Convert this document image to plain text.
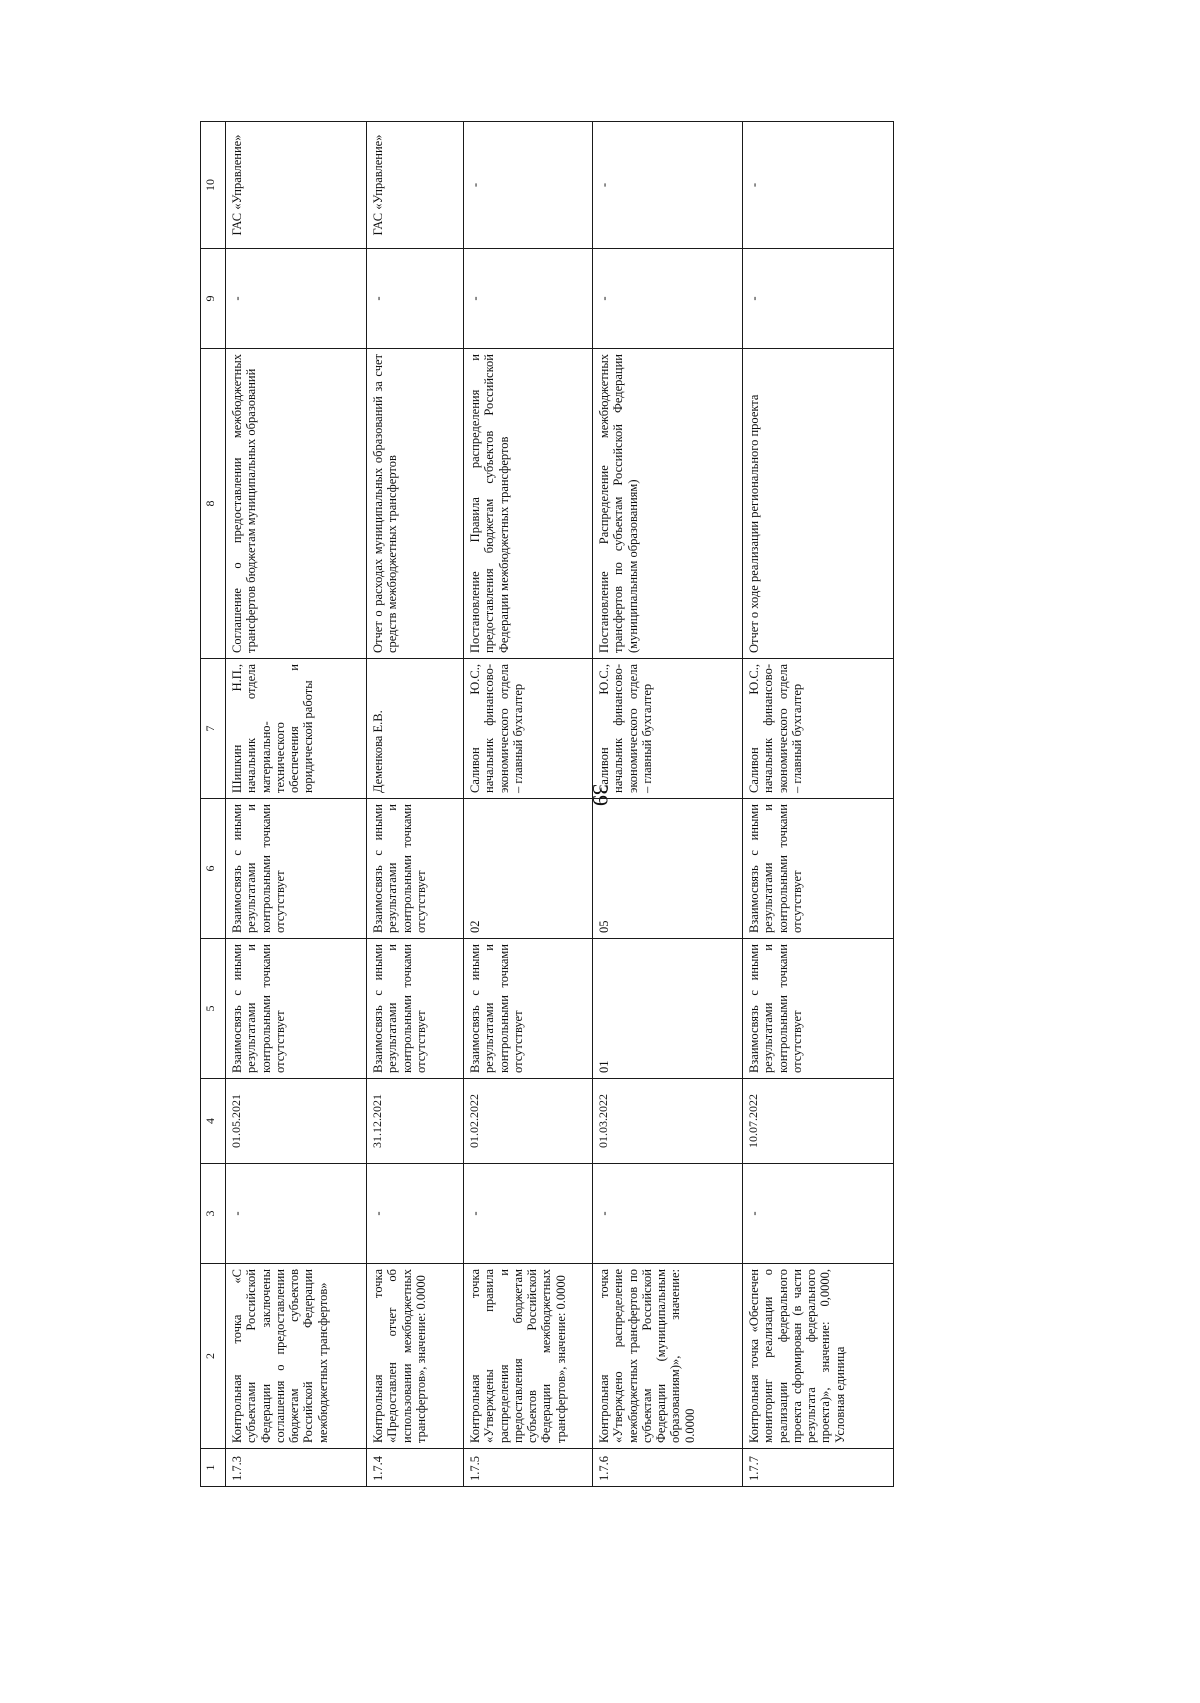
39
1	2	3	4	5	6	7	8	9	10
1.7.3	Контрольная точка «С субъектами Российской Федерации заключены соглашения о предоставлении бюджетам субъектов Российской Федерации межбюджетных трансфертов»	-	01.05.2021	Взаимосвязь с иными результатами и контрольными точками отсутствует	Взаимосвязь с иными результатами и контрольными точками отсутствует	Шишкин Н.П., начальник отдела материально-технического обеспечения и юридической работы	Соглашение о предоставлении межбюджетных трансфертов бюджетам муниципальных образований	-	ГАС «Управление»
1.7.4	Контрольная точка «Предоставлен отчет об использовании межбюджетных трансфертов», значение: 0.0000	-	31.12.2021	Взаимосвязь с иными результатами и контрольными точками отсутствует	Взаимосвязь с иными результатами и контрольными точками отсутствует	Деменкова Е.В.	Отчет о расходах муниципальных образований за счет средств межбюджетных трансфертов	-	ГАС «Управление»
1.7.5	Контрольная точка «Утверждены правила распределения и предоставления бюджетам субъектов Российской Федерации межбюджетных трансфертов», значение: 0.0000	-	01.02.2022	Взаимосвязь с иными результатами и контрольными точками отсутствует	02	Саливон Ю.С., начальник финансово-экономического отдела – главный бухгалтер	Постановление Правила распределения и предоставления бюджетам субъектов Российской Федерации межбюджетных трансфертов	-	-
1.7.6	Контрольная точка «Утверждено распределение межбюджетных трансфертов по субъектам Российской Федерации (муниципальным образованиям)», значение: 0.0000	-	01.03.2022	01	05	Саливон Ю.С., начальник финансово-экономического отдела – главный бухгалтер	Постановление Распределение межбюджетных трансфертов по субъектам Российской Федерации (муниципальным образованиям)	-	-
1.7.7	Контрольная точка «Обеспечен мониторинг реализации о реализации федерального проекта сформирован (в части результата федерального проекта)», значение: 0,0000, Условная единица	-	10.07.2022	Взаимосвязь с иными результатами и контрольными точками отсутствует	Взаимосвязь с иными результатами и контрольными точками отсутствует	Саливон Ю.С., начальник финансово-экономического отдела – главный бухгалтер	Отчет о ходе реализации регионального проекта	-	-
